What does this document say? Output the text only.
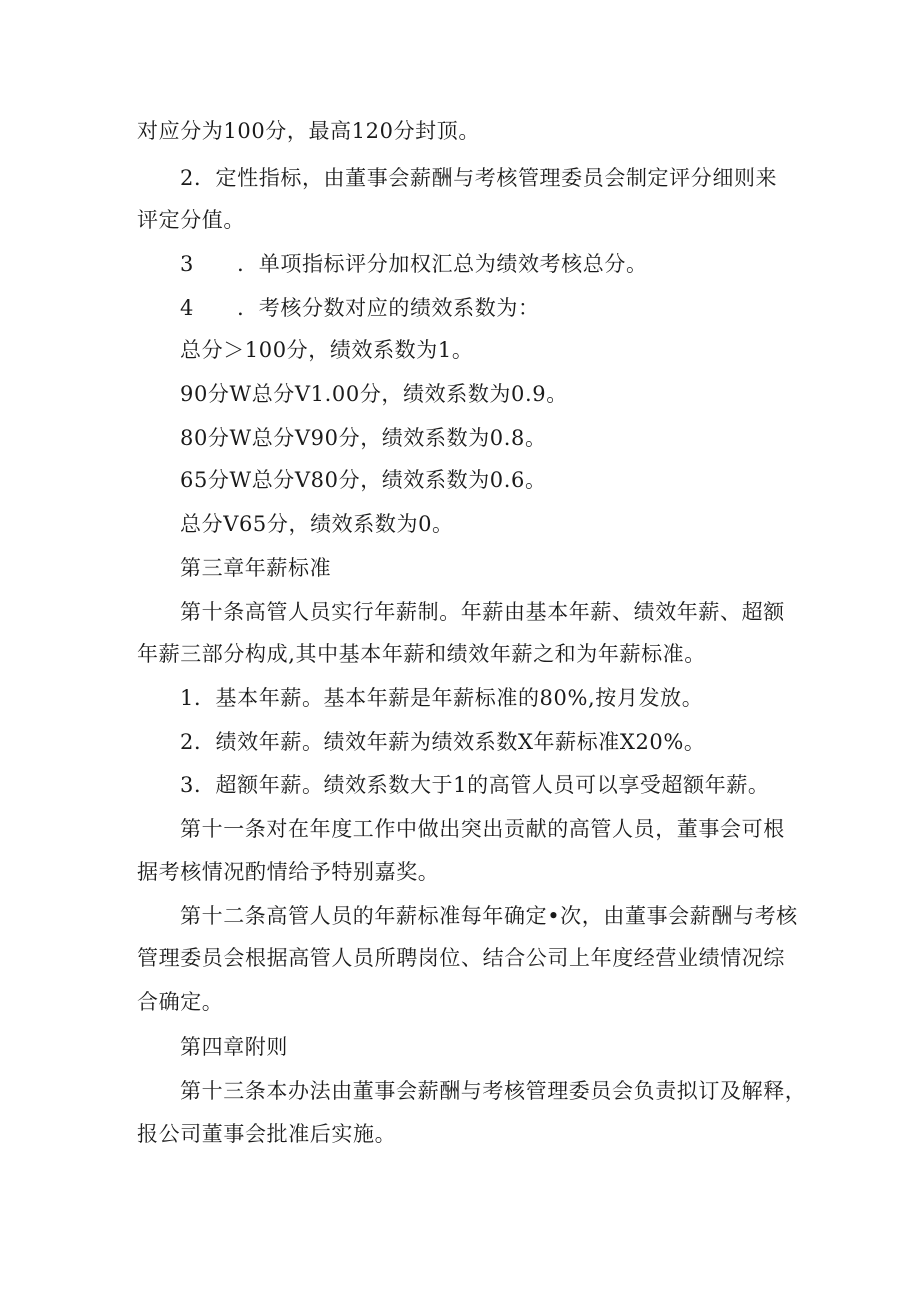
对应分为100分，最高120分封顶。
2．定性指标，由董事会薪酬与考核管理委员会制定评分细则来
评定分值。
3　　．单项指标评分加权汇总为绩效考核总分。
4　　．考核分数对应的绩效系数为：
总分＞100分，绩效系数为1。
90分W总分V1.00分，绩效系数为0.9。
80分W总分V90分，绩效系数为0.8。
65分W总分V80分，绩效系数为0.6。
总分V65分，绩效系数为0。
第三章年薪标准
第十条高管人员实行年薪制。年薪由基本年薪、绩效年薪、超额
年薪三部分构成,其中基本年薪和绩效年薪之和为年薪标准。
1．基本年薪。基本年薪是年薪标准的80%,按月发放。
2．绩效年薪。绩效年薪为绩效系数X年薪标准X20%。
3．超额年薪。绩效系数大于1的高管人员可以享受超额年薪。
第十一条对在年度工作中做出突出贡献的高管人员，董事会可根
据考核情况酌情给予特别嘉奖。
第十二条高管人员的年薪标准每年确定•次，由董事会薪酬与考核
管理委员会根据高管人员所聘岗位、结合公司上年度经营业绩情况综
合确定。
第四章附则
第十三条本办法由董事会薪酬与考核管理委员会负责拟订及解释，
报公司董事会批准后实施。
